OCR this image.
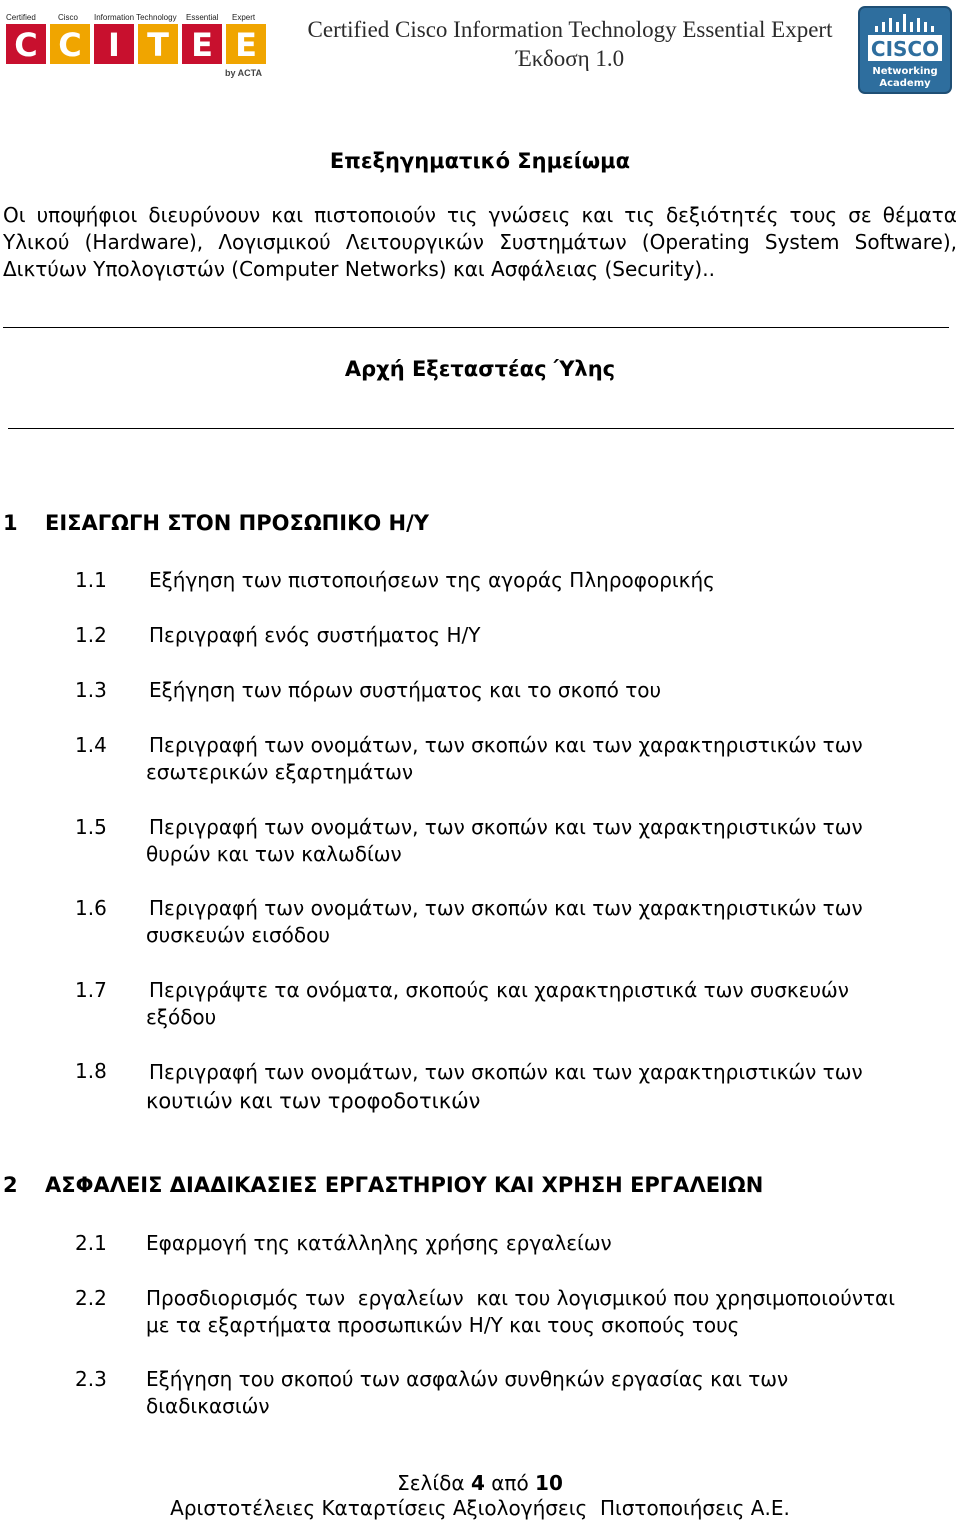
Certified	Cisco Information Technology Essential Expert
C C I T E E
by ACTA
Certified Cisco Information Technology Essential Expert
Έκδοση 1.0	CISCO
Networking
Academy
Επεξηγηματικό Σημείωμα
Οι υποψήφιοι διευρύνουν και πιστοποιούν τις γνώσεις και τις δεξιότητές τους σε θέματα Υλικού (Hardware), Λογισμικού Λειτουργικών Συστημάτων (Operating System Software), Δικτύων Υπολογιστών (Computer Networks) και Ασφάλειας (Security)..
Αρχή Εξεταστέας Ύλης
1 ΕΙΣΑΓΩΓΗ ΣΤΟΝ ΠΡΟΣΩΠΙΚΟ Η/Υ
1.1 Εξήγηση των πιστοποιήσεων της αγοράς Πληροφορικής
1.2 Περιγραφή ενός συστήματος Η/Υ
1.3 Εξήγηση των πόρων συστήματος και το σκοπό του
1.4 Περιγραφή των ονομάτων, των σκοπών και των χαρακτηριστικών των
εσωτερικών εξαρτημάτων
1.5 Περιγραφή των ονομάτων, των σκοπών και των χαρακτηριστικών των
θυρών και των καλωδίων
1.6 Περιγραφή των ονομάτων, των σκοπών και των χαρακτηριστικών των
συσκευών εισόδου
1.7 Περιγράψτε τα ονόματα, σκοπούς και χαρακτηριστικά των συσκευών
εξόδου
1.8 Περιγραφή των ονομάτων, των σκοπών και των χαρακτηριστικών των
κουτιών και των τροφοδοτικών
2 ΑΣΦΑΛΕΙΣ ΔΙΑΔΙΚΑΣΙΕΣ ΕΡΓΑΣΤΗΡΙΟΥ ΚΑΙ ΧΡΗΣΗ ΕΡΓΑΛΕΙΩΝ
2.1 Εφαρμογή της κατάλληλης χρήσης εργαλείων
2.2 Προσδιορισμός των  εργαλείων  και του λογισμικού που χρησιμοποιούνται
με τα εξαρτήματα προσωπικών Η/Υ και τους σκοπούς τους
2.3 Εξήγηση του σκοπού των ασφαλών συνθηκών εργασίας και των
διαδικασιών
Σελίδα 4 από 10
Αριστοτέλειες Καταρτίσεις Αξιολογήσεις  Πιστοποιήσεις Α.Ε.
